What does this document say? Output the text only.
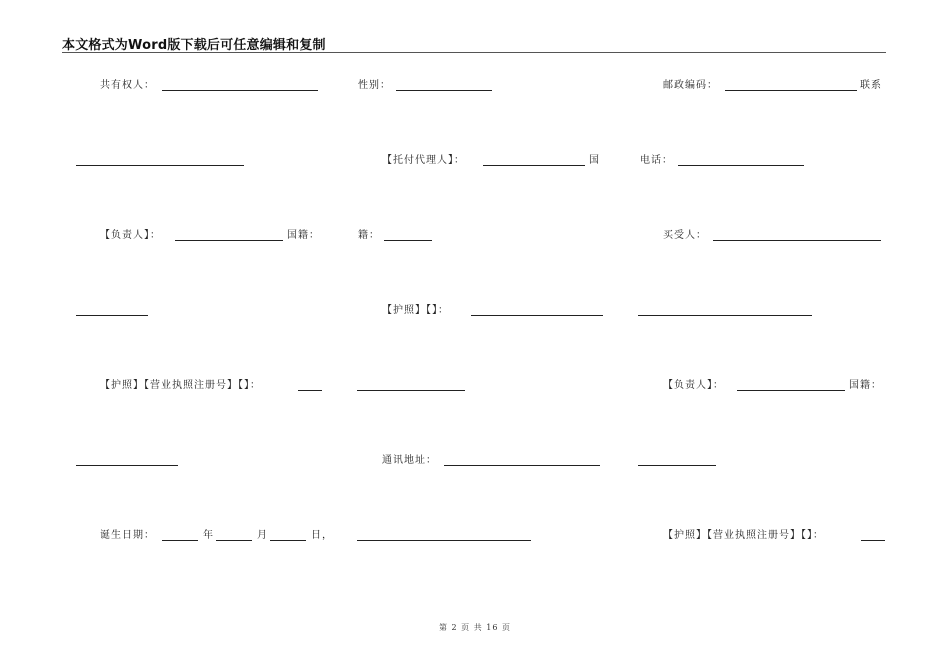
本文格式为Word版下载后可任意编辑和复制
共有权人：	性别：	邮政编码：	联系
【托付代理人】：	国	电话：
【负责人】：	国籍：	籍：	买受人：
【护照】【】：
【护照】【营业执照注册号】【】：	【负责人】：	国籍：
通讯地址：
诞生日期：	年	月	日，	【护照】【营业执照注册号】【】：
第 2 页 共 16 页
